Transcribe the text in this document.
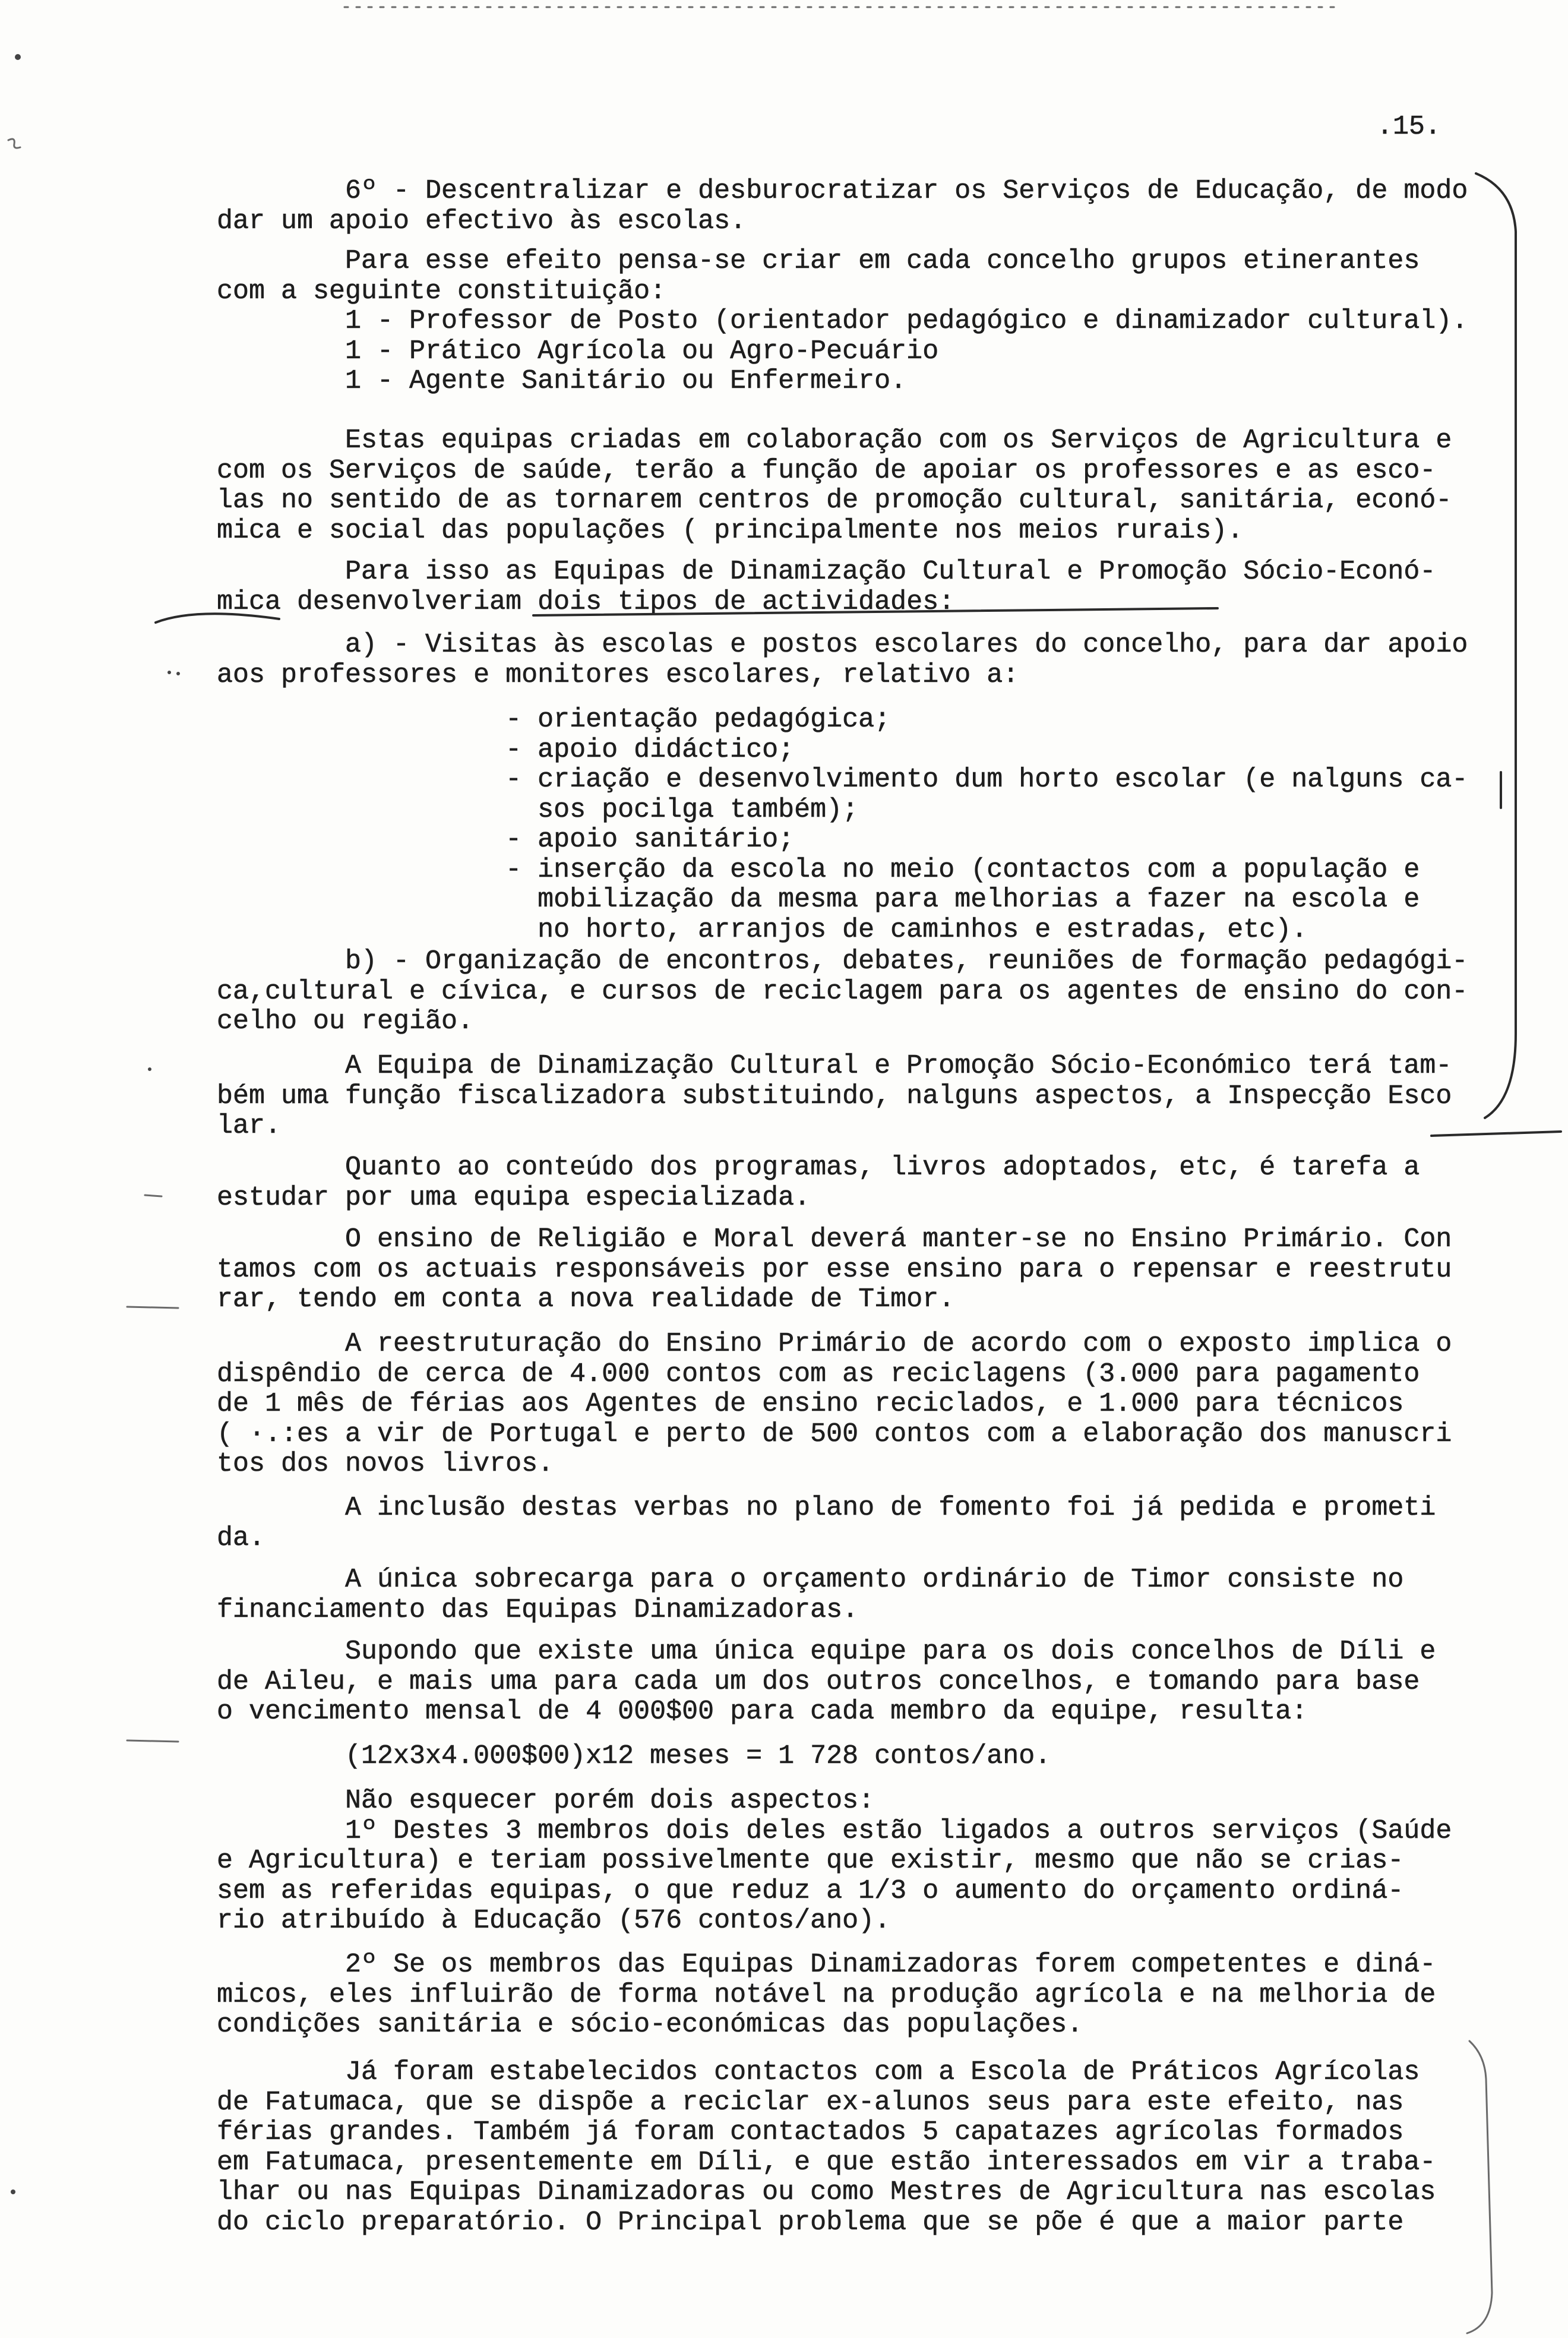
.15.
6º - Descentralizar e desburocratizar os Serviços de Educação, de modo
dar um apoio efectivo às escolas.
Para esse efeito pensa-se criar em cada concelho grupos etinerantes
com a seguinte constituição:
1 - Professor de Posto (orientador pedagógico e dinamizador cultural).
1 - Prático Agrícola ou Agro-Pecuário
1 - Agente Sanitário ou Enfermeiro.
Estas equipas criadas em colaboração com os Serviços de Agricultura e
com os Serviços de saúde, terão a função de apoiar os professores e as esco-
las no sentido de as tornarem centros de promoção cultural, sanitária, econó-
mica e social das populações ( principalmente nos meios rurais).
Para isso as Equipas de Dinamização Cultural e Promoção Sócio-Econó-
mica desenvolveriam dois tipos de actividades:
a) - Visitas às escolas e postos escolares do concelho, para dar apoio
aos professores e monitores escolares, relativo a:
- orientação pedagógica;
- apoio didáctico;
- criação e desenvolvimento dum horto escolar (e nalguns ca-
sos pocilga também);
- apoio sanitário;
- inserção da escola no meio (contactos com a população e
mobilização da mesma para melhorias a fazer na escola e
no horto, arranjos de caminhos e estradas, etc).
b) - Organização de encontros, debates, reuniões de formação pedagógi-
ca,cultural e cívica, e cursos de reciclagem para os agentes de ensino do con-
celho ou região.
A Equipa de Dinamização Cultural e Promoção Sócio-Económico terá tam-
bém uma função fiscalizadora substituindo, nalguns aspectos, a Inspecção Esco
lar.
Quanto ao conteúdo dos programas, livros adoptados, etc, é tarefa a
estudar por uma equipa especializada.
O ensino de Religião e Moral deverá manter-se no Ensino Primário. Con
tamos com os actuais responsáveis por esse ensino para o repensar e reestrutu
rar, tendo em conta a nova realidade de Timor.
A reestruturação do Ensino Primário de acordo com o exposto implica o
dispêndio de cerca de 4.000 contos com as reciclagens (3.000 para pagamento
de 1 mês de férias aos Agentes de ensino reciclados, e 1.000 para técnicos
( ·.:es a vir de Portugal e perto de 500 contos com a elaboração dos manuscri
tos dos novos livros.
A inclusão destas verbas no plano de fomento foi já pedida e prometi
da.
A única sobrecarga para o orçamento ordinário de Timor consiste no
financiamento das Equipas Dinamizadoras.
Supondo que existe uma única equipe para os dois concelhos de Díli e
de Aileu, e mais uma para cada um dos outros concelhos, e tomando para base
o vencimento mensal de 4 000$00 para cada membro da equipe, resulta:
(12x3x4.000$00)x12 meses = 1 728 contos/ano.
Não esquecer porém dois aspectos:
1º Destes 3 membros dois deles estão ligados a outros serviços (Saúde
e Agricultura) e teriam possivelmente que existir, mesmo que não se crias-
sem as referidas equipas, o que reduz a 1/3 o aumento do orçamento ordiná-
rio atribuído à Educação (576 contos/ano).
2º Se os membros das Equipas Dinamizadoras forem competentes e diná-
micos, eles influirão de forma notável na produção agrícola e na melhoria de
condições sanitária e sócio-económicas das populações.
Já foram estabelecidos contactos com a Escola de Práticos Agrícolas
de Fatumaca, que se dispõe a reciclar ex-alunos seus para este efeito, nas
férias grandes. Também já foram contactados 5 capatazes agrícolas formados
em Fatumaca, presentemente em Díli, e que estão interessados em vir a traba-
lhar ou nas Equipas Dinamizadoras ou como Mestres de Agricultura nas escolas
do ciclo preparatório. O Principal problema que se põe é que a maior parte
